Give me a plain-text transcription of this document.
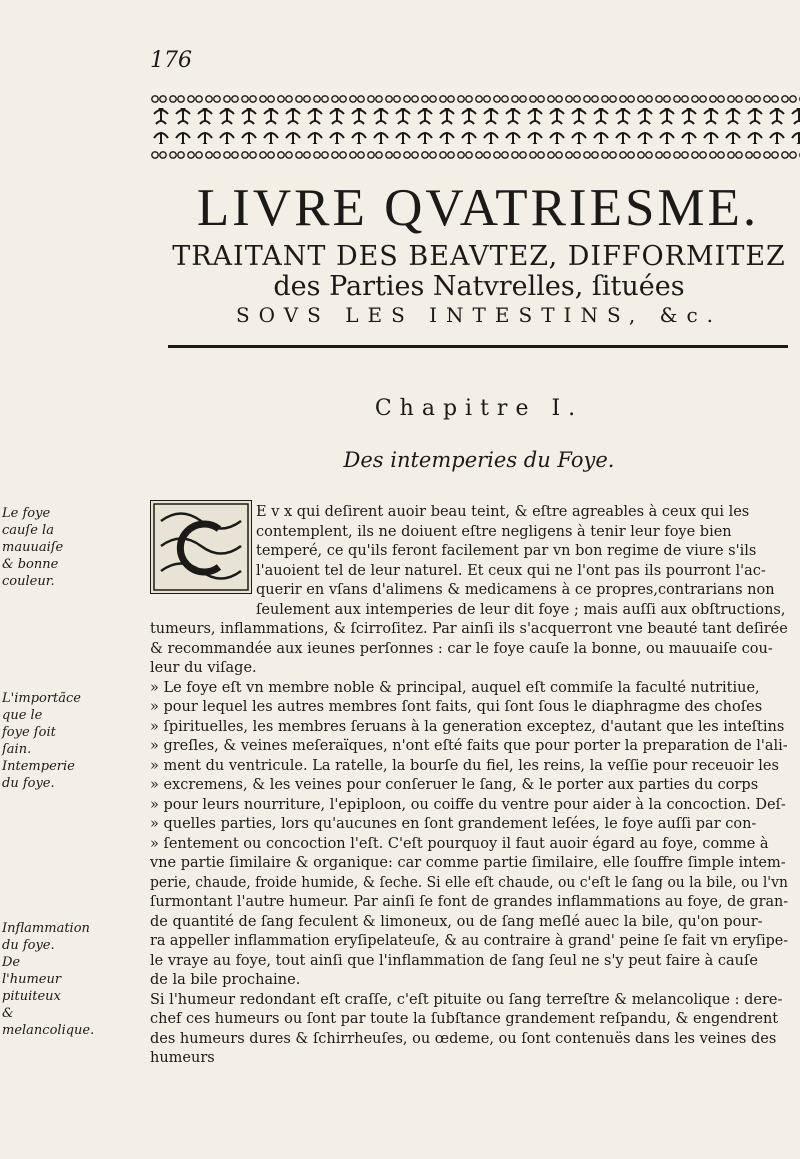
176
LIVRE QVATRIESME.
TRAITANT DES BEAVTEZ, DIFFORMITEZ
des Parties Natvrelles, ſituées
SOVS LES INTESTINS, &c.
Chapitre I.
Des intemperies du Foye.
Le foye cauſe la mauuaiſe & bonne couleur.
L'importãce que le foye ſoit ſain. Intemperie du foye.
Inflammation du foye. De l'humeur pituiteux & melancolique.
E v x qui deſirent auoir beau teint, & eſtre agreables à ceux qui les
contemplent, ils ne doiuent eſtre negligens à tenir leur foye bien
temperé, ce qu'ils feront facilement par vn bon regime de viure s'ils
l'auoient tel de leur naturel. Et ceux qui ne l'ont pas ils pourront l'ac-
querir en vſans d'alimens & medicamens à ce propres,contrarians non
ſeulement aux intemperies de leur dit foye ; mais auſſi aux obſtructions,
tumeurs, inflammations, & ſcirroſitez. Par ainſi ils s'acquerront vne beauté tant deſirée
& recommandée aux ieunes perſonnes : car le foye cauſe la bonne, ou mauuaiſe cou-
leur du viſage.
» Le foye eſt vn membre noble & principal, auquel eſt commiſe la faculté nutritiue,
» pour lequel les autres membres ſont faits, qui ſont ſous le diaphragme des choſes
» ſpirituelles, les membres ſeruans à la generation exceptez, d'autant que les inteſtins
» greſles, & veines meſeraïques, n'ont eſté faits que pour porter la preparation de l'ali-
» ment du ventricule. La ratelle, la bourſe du fiel, les reins, la veſſie pour receuoir les
» excremens, & les veines pour conſeruer le ſang, & le porter aux parties du corps
» pour leurs nourriture, l'epiploon, ou coiffe du ventre pour aider à la concoction. Deſ-
» quelles parties, lors qu'aucunes en ſont grandement leſées, le foye auſſi par con-
» ſentement ou concoction l'eſt. C'eſt pourquoy il faut auoir égard au foye, comme à
vne partie ſimilaire & organique: car comme partie ſimilaire, elle ſouffre ſimple intem-
perie, chaude, froide humide, & ſeche. Si elle eſt chaude, ou c'eſt le ſang ou la bile, ou l'vn
ſurmontant l'autre humeur. Par ainſi ſe font de grandes inflammations au foye, de gran-
de quantité de ſang feculent & limoneux, ou de ſang meſlé auec la bile, qu'on pour-
ra appeller inflammation eryſipelateuſe, & au contraire à grand' peine ſe fait vn eryſipe-
le vraye au foye, tout ainſi que l'inflammation de ſang ſeul ne s'y peut faire à cauſe
de la bile prochaine.
Si l'humeur redondant eſt craſſe, c'eſt pituite ou ſang terreſtre & melancolique : dere-
chef ces humeurs ou ſont par toute la ſubſtance grandement reſpandu, & engendrent
des humeurs dures & ſchirrheuſes, ou œdeme, ou ſont contenuës dans les veines des
humeurs
